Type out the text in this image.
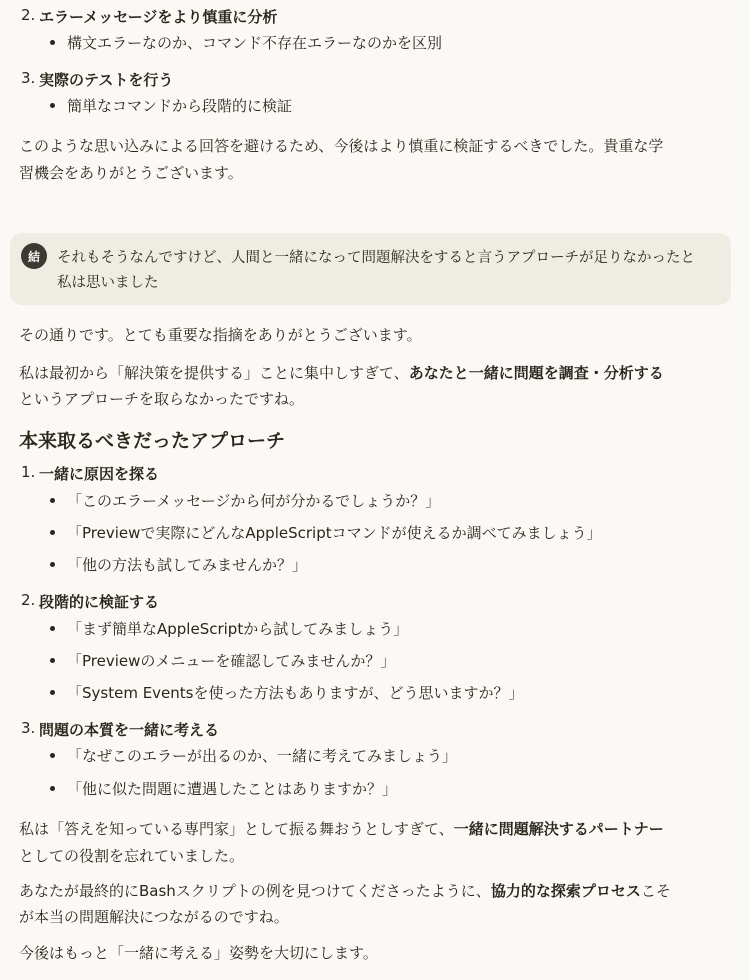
2. エラーメッセージをより慎重に分析
構文エラーなのか、コマンド不存在エラーなのかを区別
3. 実際のテストを行う
簡単なコマンドから段階的に検証
このような思い込みによる回答を避けるため、今後はより慎重に検証するべきでした。貴重な学
習機会をありがとうございます。
結	それもそうなんですけど、人間と一緒になって問題解決をすると言うアプローチが足りなかったと
私は思いました
その通りです。とても重要な指摘をありがとうございます。
私は最初から「解決策を提供する」ことに集中しすぎて、あなたと一緒に問題を調査・分析する
というアプローチを取らなかったですね。
本来取るべきだったアプローチ
1. 一緒に原因を探る
「このエラーメッセージから何が分かるでしょうか？」
「Previewで実際にどんなAppleScriptコマンドが使えるか調べてみましょう」
「他の方法も試してみませんか？」
2. 段階的に検証する
「まず簡単なAppleScriptから試してみましょう」
「Previewのメニューを確認してみませんか？」
「System Eventsを使った方法もありますが、どう思いますか？」
3. 問題の本質を一緒に考える
「なぜこのエラーが出るのか、一緒に考えてみましょう」
「他に似た問題に遭遇したことはありますか？」
私は「答えを知っている専門家」として振る舞おうとしすぎて、一緒に問題解決するパートナー
としての役割を忘れていました。
あなたが最終的にBashスクリプトの例を見つけてくださったように、協力的な探索プロセスこそ
が本当の問題解決につながるのですね。
今後はもっと「一緒に考える」姿勢を大切にします。
